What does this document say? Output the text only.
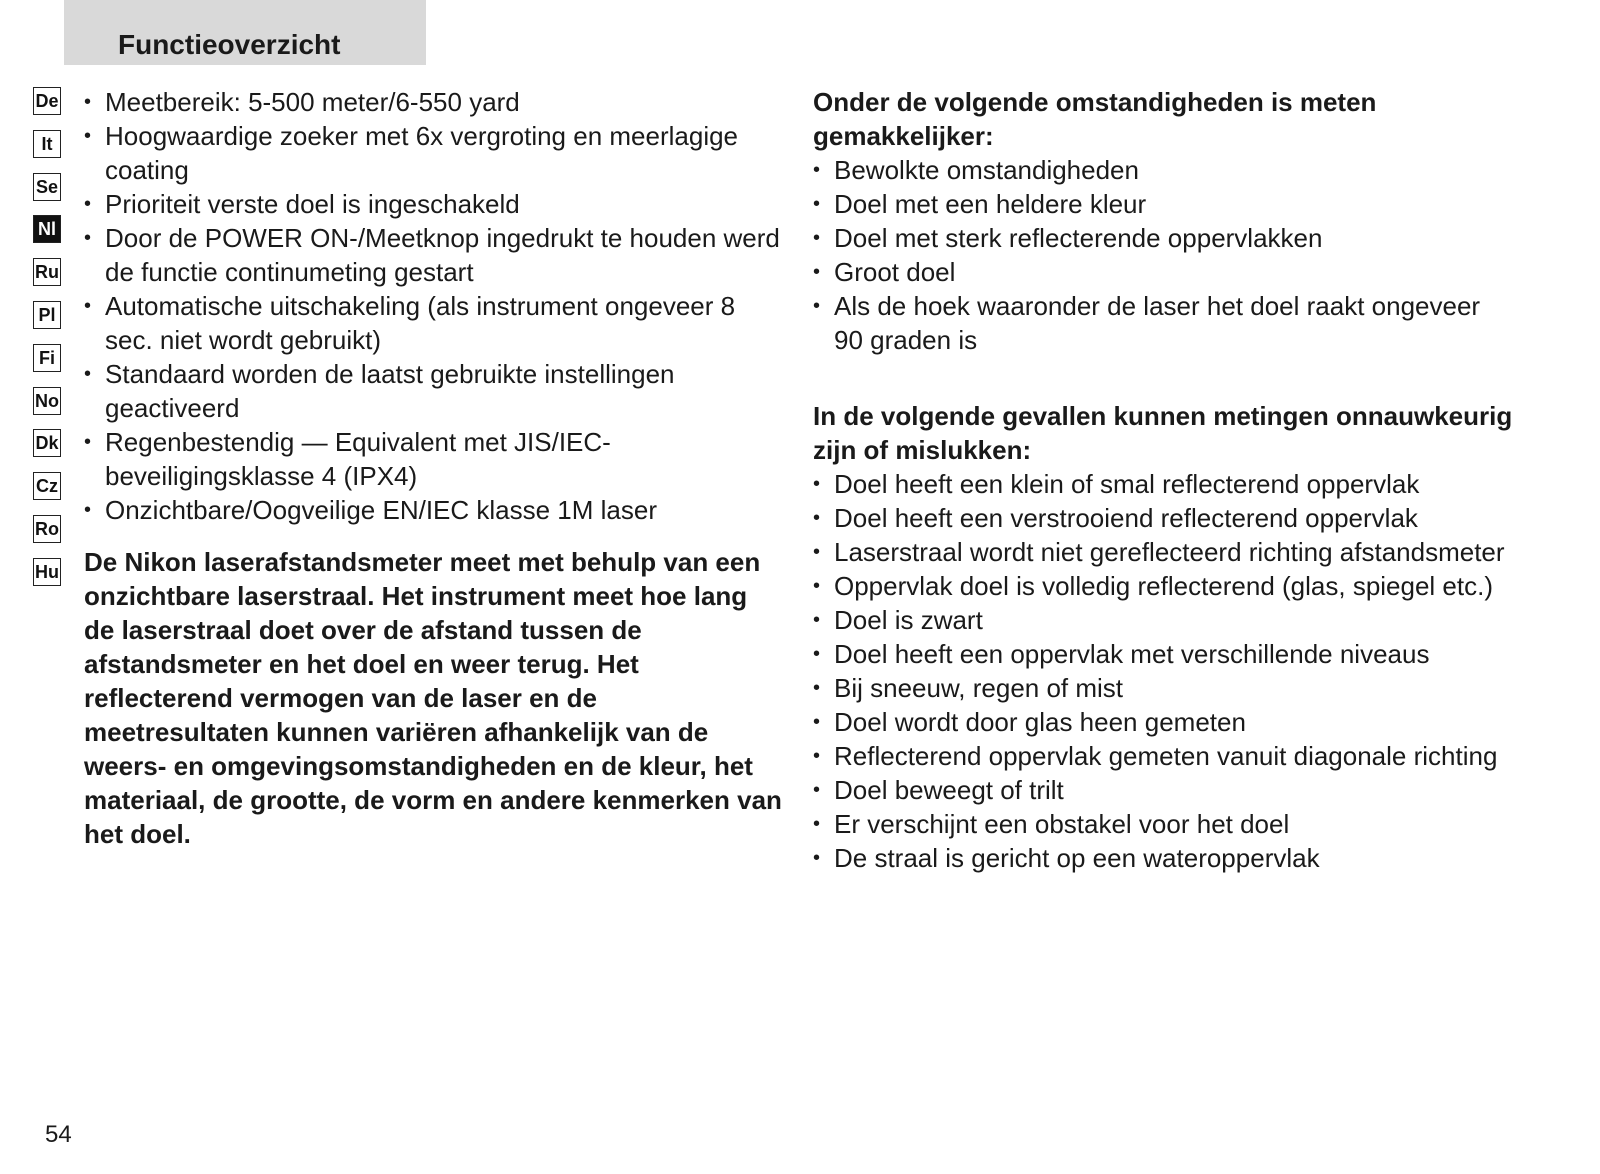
Functieoverzicht
De
It
Se
Nl
Ru
Pl
Fi
No
Dk
Cz
Ro
Hu
• Meetbereik: 5-500 meter/6-550 yard
• Hoogwaardige zoeker met 6x vergroting en meerlagige coating
• Prioriteit verste doel is ingeschakeld
• Door de POWER ON-/Meetknop ingedrukt te houden werd de functie continumeting gestart
• Automatische uitschakeling (als instrument ongeveer 8 sec. niet wordt gebruikt)
• Standaard worden de laatst gebruikte instellingen geactiveerd
• Regenbestendig — Equivalent met JIS/IEC-beveiligingsklasse 4 (IPX4)
• Onzichtbare/Oogveilige EN/IEC klasse 1M laser

De Nikon laserafstandsmeter meet met behulp van een onzichtbare laserstraal. Het instrument meet hoe lang de laserstraal doet over de afstand tussen de afstandsmeter en het doel en weer terug. Het reflecterend vermogen van de laser en de meetresultaten kunnen variëren afhankelijk van de weers- en omgevingsomstandigheden en de kleur, het materiaal, de grootte, de vorm en andere kenmerken van het doel.

Onder de volgende omstandigheden is meten gemakkelijker:

• Bewolkte omstandigheden
• Doel met een heldere kleur
• Doel met sterk reflecterende oppervlakken
• Groot doel
• Als de hoek waaronder de laser het doel raakt ongeveer 90 graden is

In de volgende gevallen kunnen metingen onnauwkeurig zijn of mislukken:

• Doel heeft een klein of smal reflecterend oppervlak
• Doel heeft een verstrooiend reflecterend oppervlak
• Laserstraal wordt niet gereflecteerd richting afstandsmeter
• Oppervlak doel is volledig reflecterend (glas, spiegel etc.)
• Doel is zwart
• Doel heeft een oppervlak met verschillende niveaus
• Bij sneeuw, regen of mist
• Doel wordt door glas heen gemeten
• Reflecterend oppervlak gemeten vanuit diagonale richting
• Doel beweegt of trilt
• Er verschijnt een obstakel voor het doel
• De straal is gericht op een wateroppervlak
54
